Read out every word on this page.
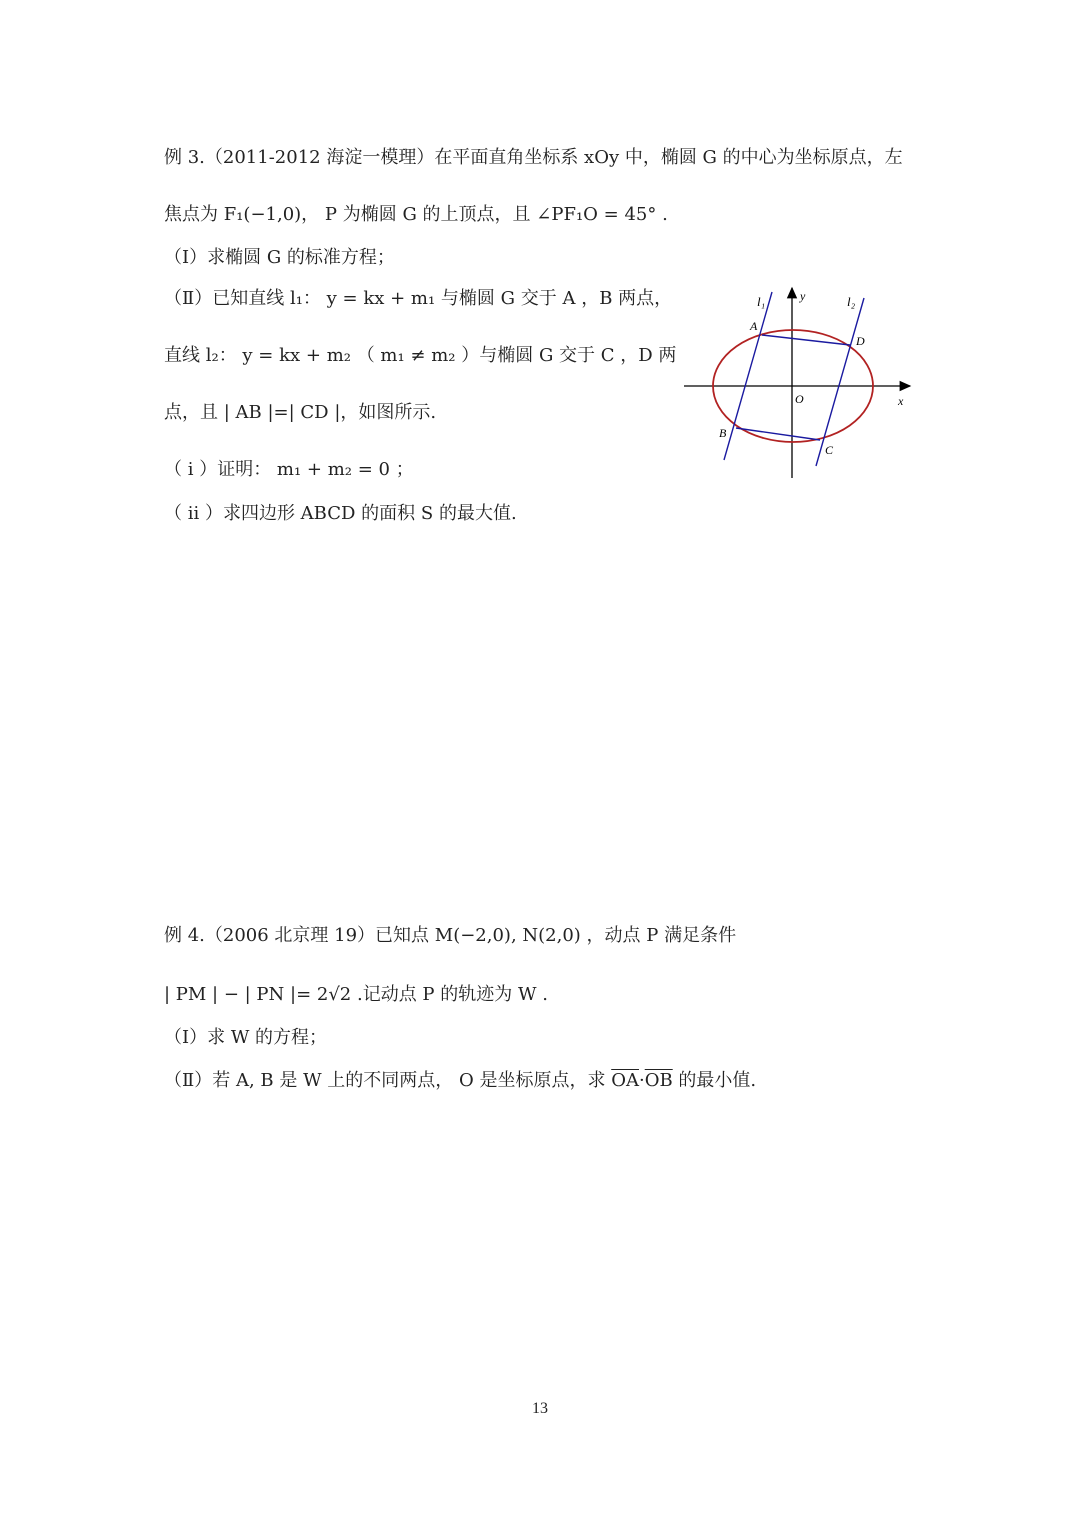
例 3.（2011-2012 海淀一模理）在平面直角坐标系 xOy 中，椭圆 G 的中心为坐标原点，左
焦点为 F₁(−1,0)， P 为椭圆 G 的上顶点，且 ∠PF₁O = 45° .
（Ⅰ）求椭圆 G 的标准方程；
（Ⅱ）已知直线 l₁： y = kx + m₁ 与椭圆 G 交于 A ，B 两点，
直线 l₂： y = kx + m₂ （ m₁ ≠ m₂ ）与椭圆 G 交于 C ，D 两
点，且 | AB |=| CD |，如图所示.
（ i ）证明： m₁ + m₂ = 0 ；
（ ii ）求四边形 ABCD 的面积 S 的最大值.
l₁	y	l₂
A
D
O	x
B
C
例 4.（2006 北京理 19）已知点 M(−2,0), N(2,0) ，动点 P 满足条件
| PM | − | PN |= 2√2 .记动点 P 的轨迹为 W .
（Ⅰ）求 W 的方程；
（Ⅱ）若 A, B 是 W 上的不同两点， O 是坐标原点，求 $\overline{OA}\cdot\overline{OB}$ 的最小值.
13
